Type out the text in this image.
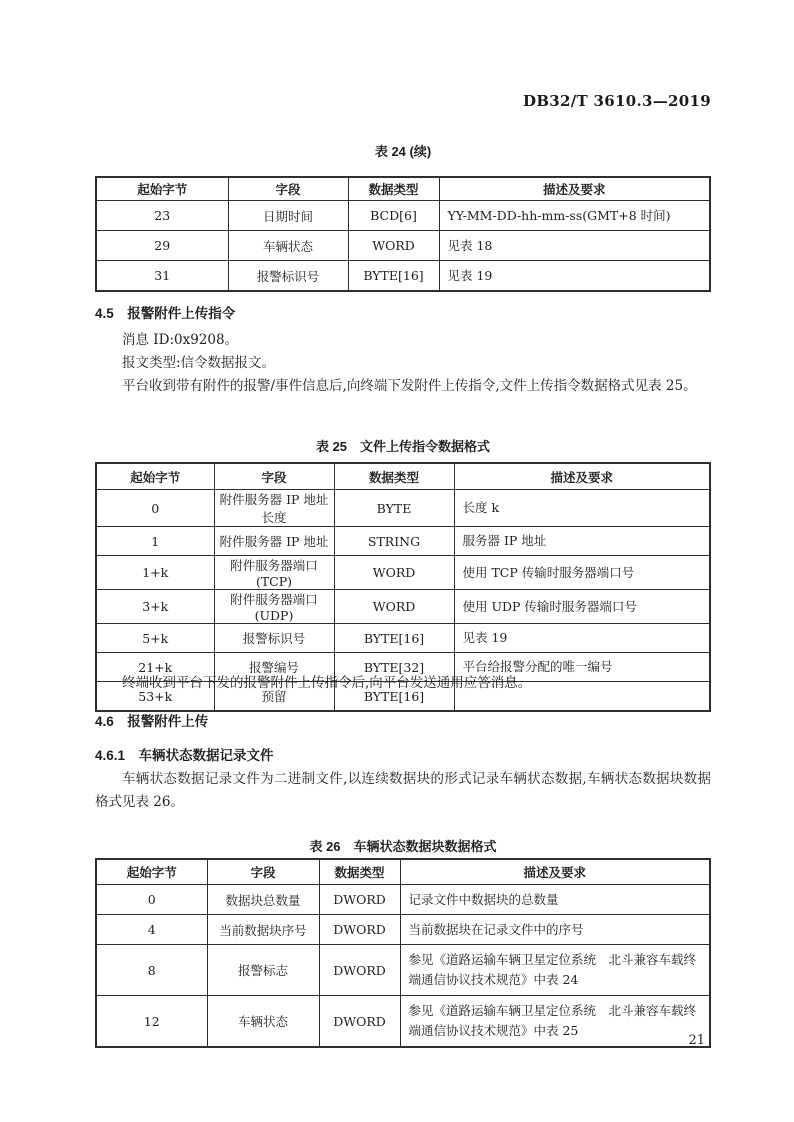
DB32/T 3610.3—2019
表 24 (续)
起始字节	字段	数据类型	描述及要求
23	日期时间	BCD[6]	YY-MM-DD-hh-mm-ss(GMT+8 时间)
29	车辆状态	WORD	见表 18
31	报警标识号	BYTE[16]	见表 19
4.5　报警附件上传指令
消息 ID:0x9208。
报文类型:信令数据报文。
平台收到带有附件的报警/事件信息后,向终端下发附件上传指令,文件上传指令数据格式见表 25。
表 25　文件上传指令数据格式
起始字节	字段	数据类型	描述及要求
0	附件服务器 IP 地址长度	BYTE	长度 k
1	附件服务器 IP 地址	STRING	服务器 IP 地址
1+k	附件服务器端口(TCP)	WORD	使用 TCP 传输时服务器端口号
3+k	附件服务器端口(UDP)	WORD	使用 UDP 传输时服务器端口号
5+k	报警标识号	BYTE[16]	见表 19
21+k	报警编号	BYTE[32]	平台给报警分配的唯一编号
53+k	预留	BYTE[16]	
终端收到平台下发的报警附件上传指令后,向平台发送通用应答消息。
4.6　报警附件上传
4.6.1　车辆状态数据记录文件
车辆状态数据记录文件为二进制文件,以连续数据块的形式记录车辆状态数据,车辆状态数据块数据格式见表 26。
表 26　车辆状态数据块数据格式
起始字节	字段	数据类型	描述及要求
0	数据块总数量	DWORD	记录文件中数据块的总数量
4	当前数据块序号	DWORD	当前数据块在记录文件中的序号
8	报警标志	DWORD	参见《道路运输车辆卫星定位系统　北斗兼容车载终端通信协议技术规范》中表 24
12	车辆状态	DWORD	参见《道路运输车辆卫星定位系统　北斗兼容车载终端通信协议技术规范》中表 25
21
